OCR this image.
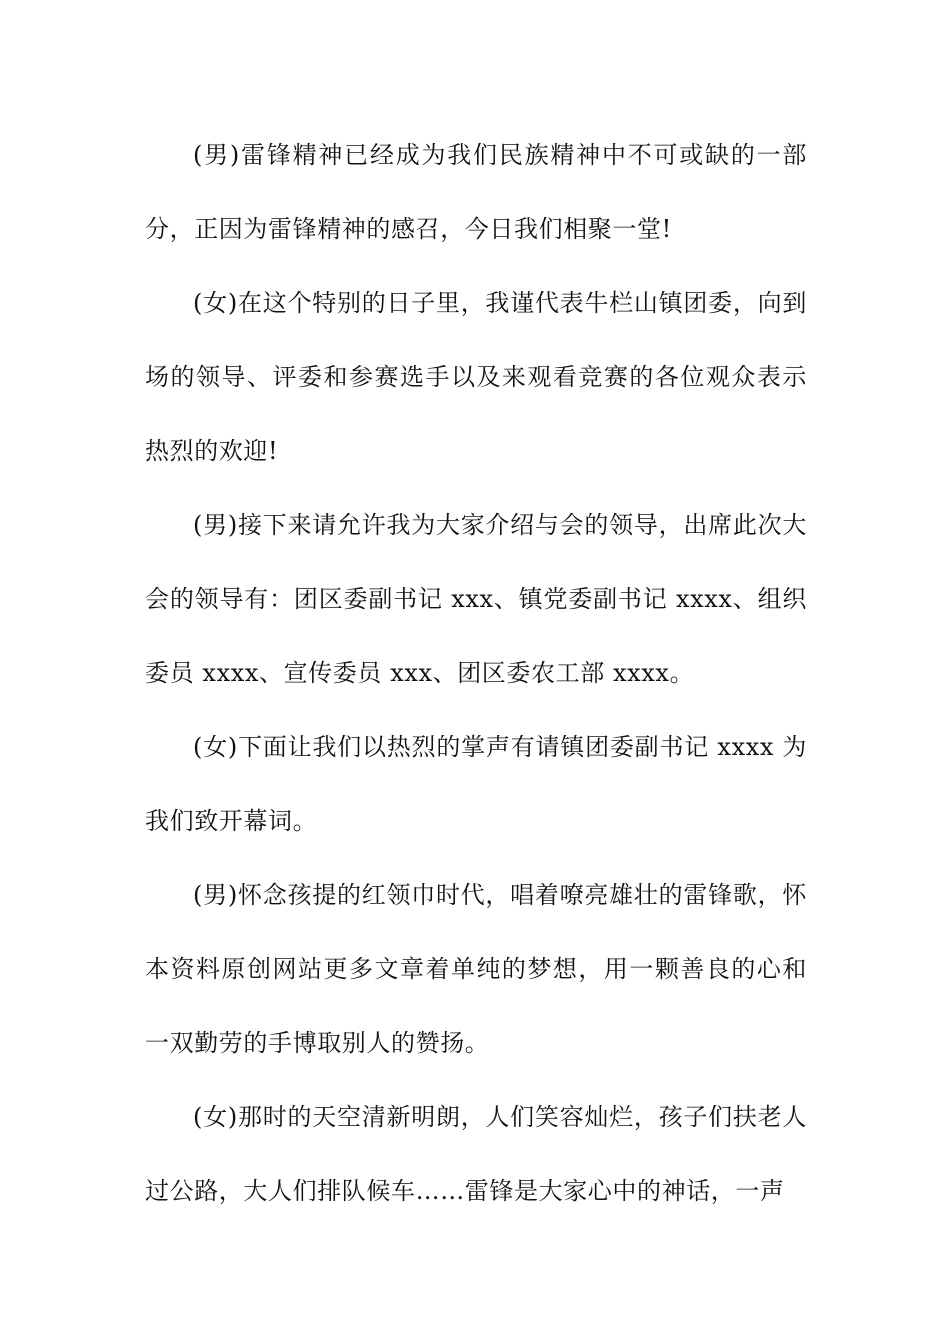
(男)雷锋精神已经成为我们民族精神中不可或缺的一部分，正因为雷锋精神的感召，今日我们相聚一堂!

(女)在这个特别的日子里，我谨代表牛栏山镇团委，向到场的领导、评委和参赛选手以及来观看竞赛的各位观众表示热烈的欢迎!

(男)接下来请允许我为大家介绍与会的领导，出席此次大会的领导有：团区委副书记 xxx、镇党委副书记 xxxx、组织委员 xxxx、宣传委员 xxx、团区委农工部 xxxx。

(女)下面让我们以热烈的掌声有请镇团委副书记 xxxx 为我们致开幕词。

(男)怀念孩提的红领巾时代，唱着嘹亮雄壮的雷锋歌，怀本资料原创网站更多文章着单纯的梦想，用一颗善良的心和一双勤劳的手博取别人的赞扬。

(女)那时的天空清新明朗，人们笑容灿烂，孩子们扶老人过公路，大人们排队候车……雷锋是大家心中的神话，一声
